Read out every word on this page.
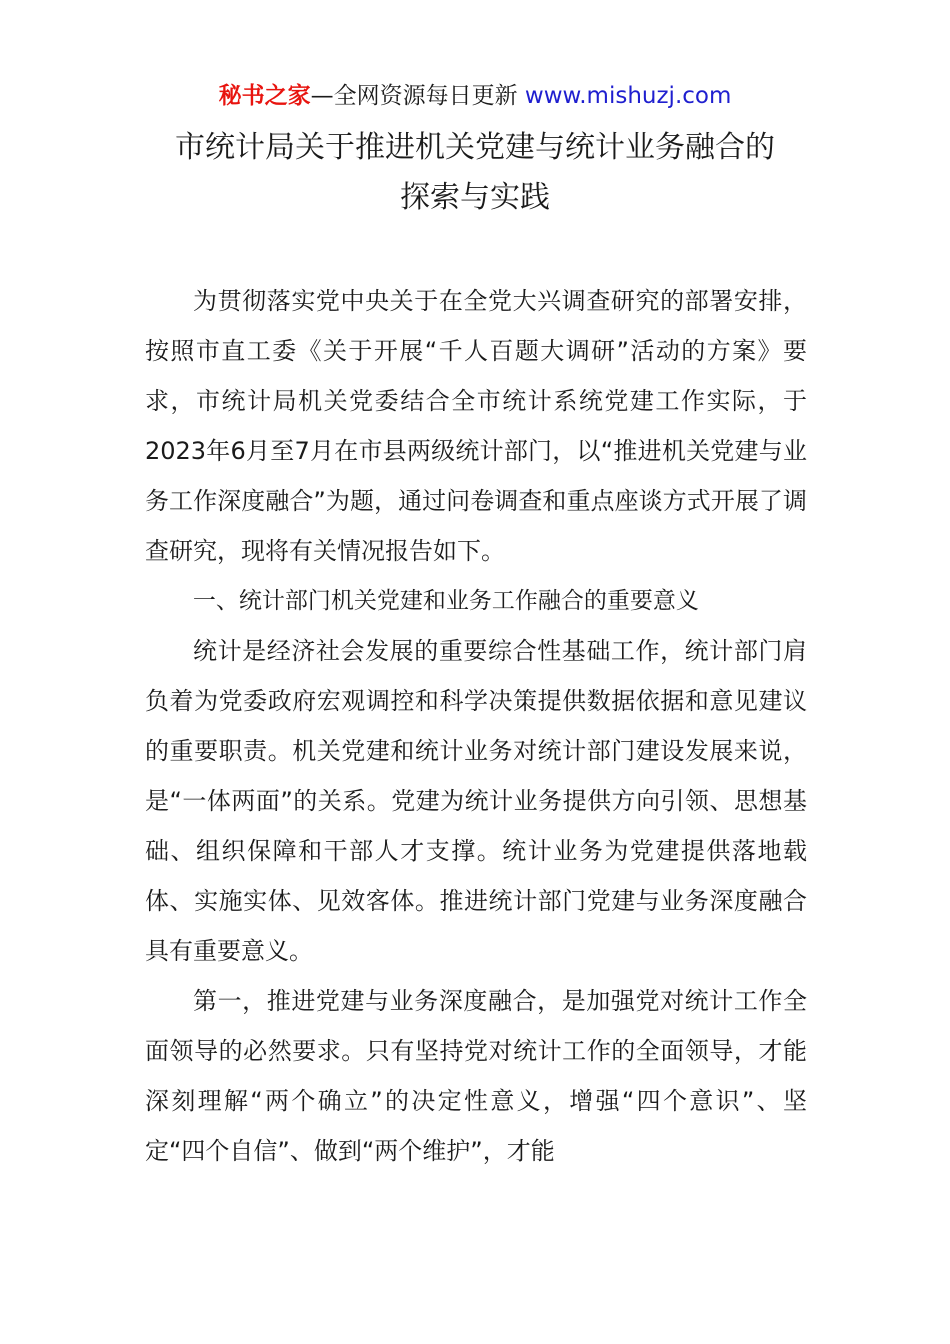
秘书之家—全网资源每日更新 www.mishuzj.com
市统计局关于推进机关党建与统计业务融合的
探索与实践

为贯彻落实党中央关于在全党大兴调查研究的部署安排，按照市直工委《关于开展“千人百题大调研”活动的方案》要求，市统计局机关党委结合全市统计系统党建工作实际，于2023年6月至7月在市县两级统计部门，以“推进机关党建与业务工作深度融合”为题，通过问卷调查和重点座谈方式开展了调查研究，现将有关情况报告如下。

一、统计部门机关党建和业务工作融合的重要意义

统计是经济社会发展的重要综合性基础工作，统计部门肩负着为党委政府宏观调控和科学决策提供数据依据和意见建议的重要职责。机关党建和统计业务对统计部门建设发展来说，是“一体两面”的关系。党建为统计业务提供方向引领、思想基础、组织保障和干部人才支撑。统计业务为党建提供落地载体、实施实体、见效客体。推进统计部门党建与业务深度融合具有重要意义。

第一，推进党建与业务深度融合，是加强党对统计工作全面领导的必然要求。只有坚持党对统计工作的全面领导，才能深刻理解“两个确立”的决定性意义，增强“四个意识”、坚定“四个自信”、做到“两个维护”，才能
